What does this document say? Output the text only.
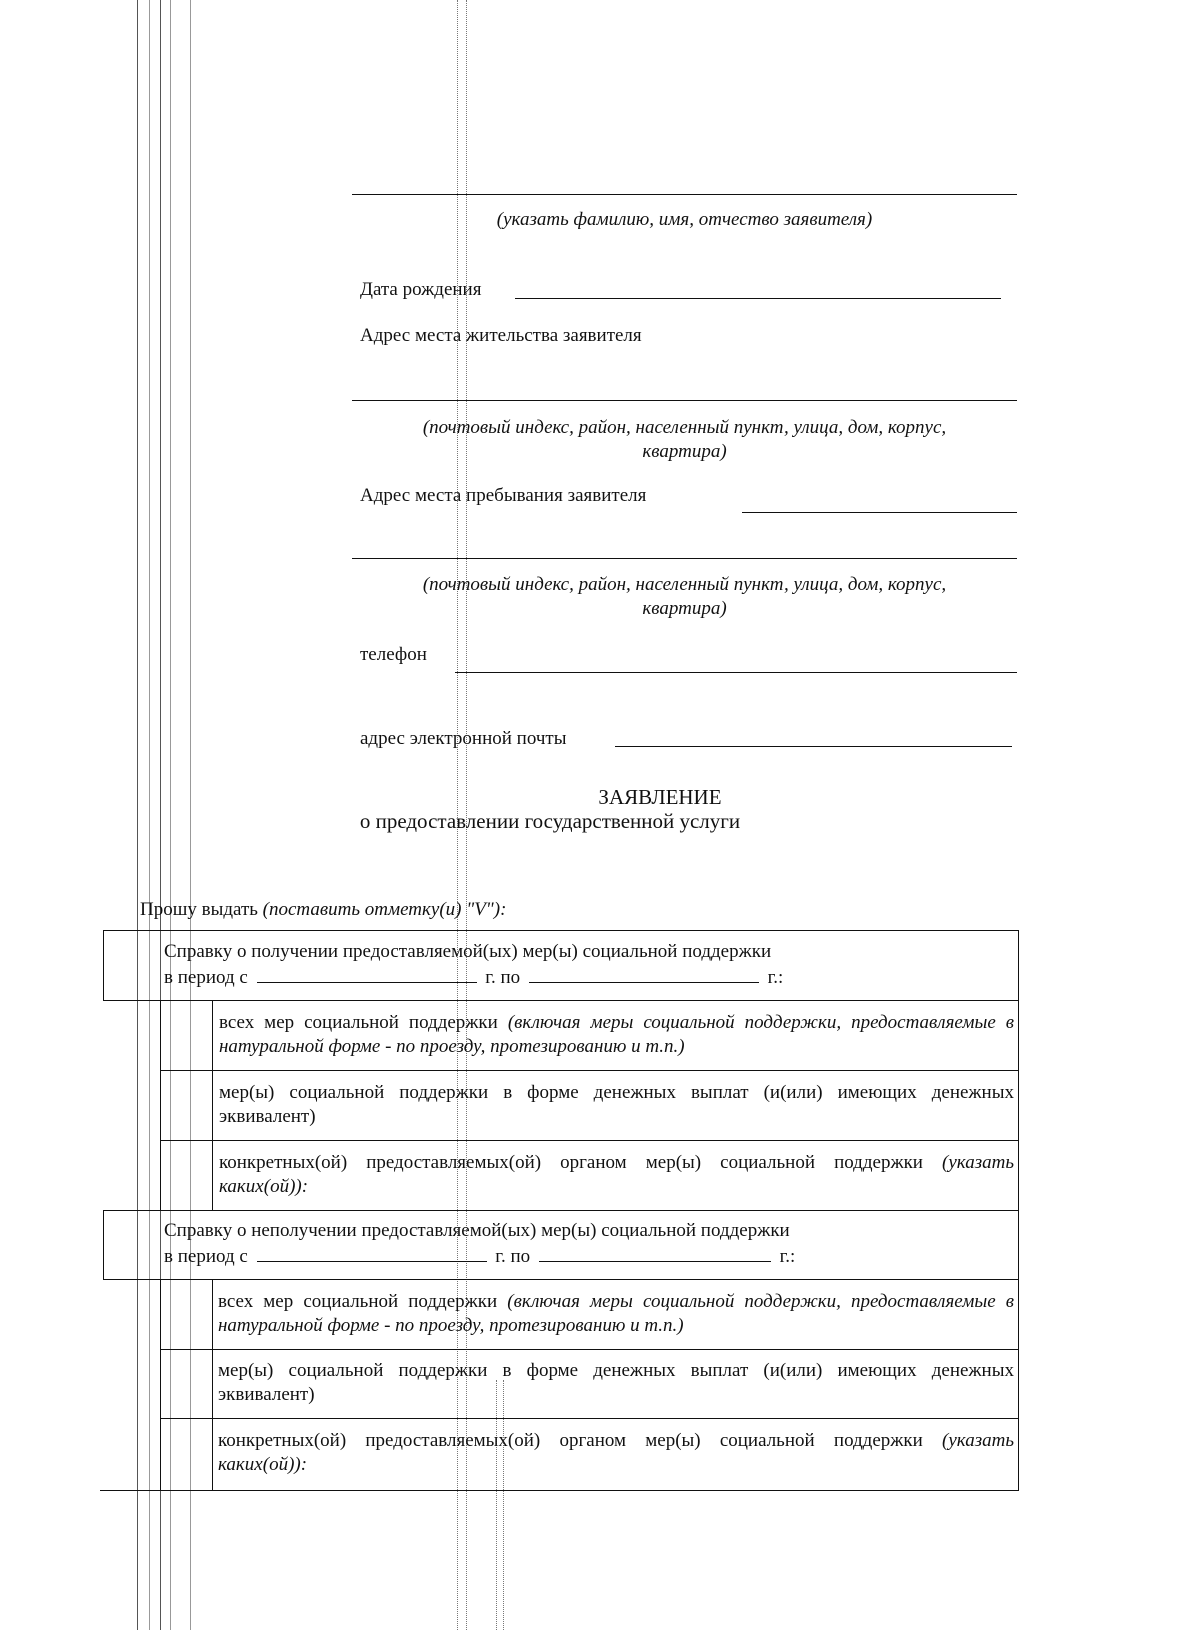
(указать фамилию, имя, отчество заявителя)
Дата рождения
Адрес места жительства заявителя
(почтовый индекс, район, населенный пункт, улица, дом, корпус,
квартира)
Адрес места пребывания заявителя
(почтовый индекс, район, населенный пункт, улица, дом, корпус,
квартира)
телефон
адрес электронной почты
ЗАЯВЛЕНИЕ
о предоставлении государственной услуги
Прошу выдать (поставить отметку(и) "V"):
Справку о получении предоставляемой(ых) мер(ы) социальной поддержки
в период с	г. по	г.:
всех мер социальной поддержки (включая меры социальной поддержки, предоставляемые в натуральной форме - по проезду, протезированию и т.п.)
мер(ы) социальной поддержки в форме денежных выплат (и(или) имеющих денежных эквивалент)
конкретных(ой) предоставляемых(ой) органом мер(ы) социальной поддержки (указать каких(ой)):
Справку о неполучении предоставляемой(ых) мер(ы) социальной поддержки
в период с	г. по	г.:
всех мер социальной поддержки (включая меры социальной поддержки, предоставляемые в натуральной форме - по проезду, протезированию и т.п.)
мер(ы) социальной поддержки в форме денежных выплат (и(или) имеющих денежных эквивалент)
конкретных(ой) предоставляемых(ой) органом мер(ы) социальной поддержки (указать каких(ой)):
